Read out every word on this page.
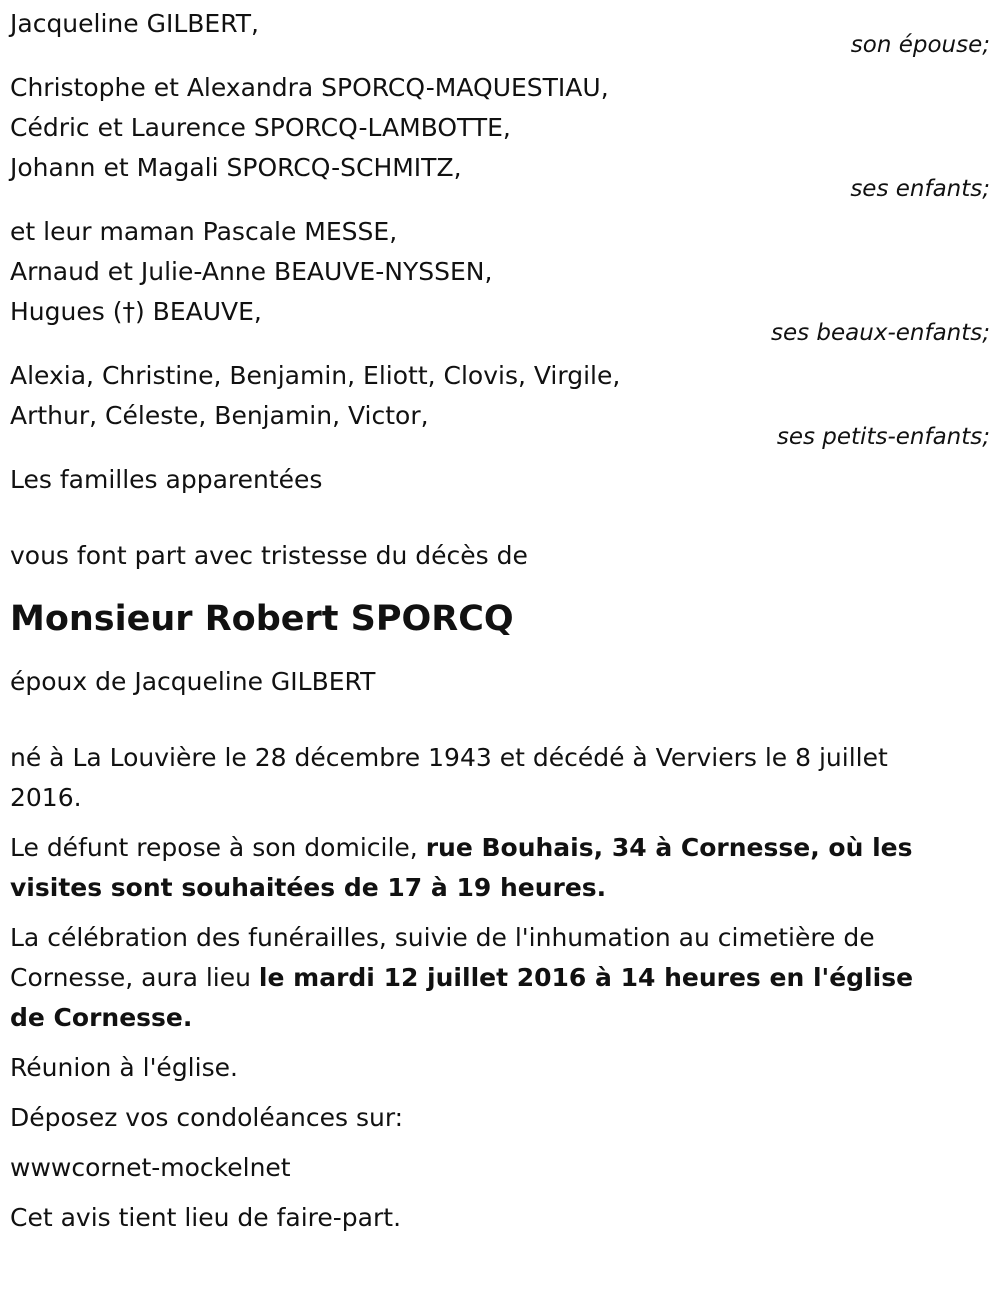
Jacqueline GILBERT,
son épouse;
Christophe et Alexandra SPORCQ-MAQUESTIAU,
Cédric et Laurence SPORCQ-LAMBOTTE,
Johann et Magali SPORCQ-SCHMITZ,
ses enfants;
et leur maman Pascale MESSE,
Arnaud et Julie-Anne BEAUVE-NYSSEN,
Hugues (†) BEAUVE,
ses beaux-enfants;
Alexia, Christine, Benjamin, Eliott, Clovis, Virgile,
Arthur, Céleste, Benjamin, Victor,
ses petits-enfants;
Les familles apparentées
vous font part avec tristesse du décès de
Monsieur Robert SPORCQ
époux de Jacqueline GILBERT

né à La Louvière le 28 décembre 1943 et décédé à Verviers le 8 juillet 2016.

Le défunt repose à son domicile, rue Bouhais, 34 à Cornesse, où les visites sont souhaitées de 17 à 19 heures.

La célébration des funérailles, suivie de l'inhumation au cimetière de Cornesse, aura lieu le mardi 12 juillet 2016 à 14 heures en l'église de Cornesse.

Réunion à l'église.

Déposez vos condoléances sur:

wwwcornet-mockelnet

Cet avis tient lieu de faire-part.
